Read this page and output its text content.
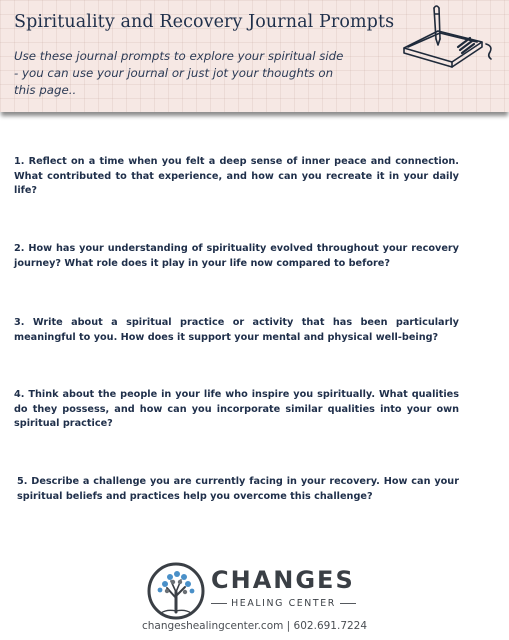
Spirituality and Recovery Journal Prompts

Use these journal prompts to explore your spiritual side - you can use your journal or just jot your thoughts on this page..

1. Reflect on a time when you felt a deep sense of inner peace and connection. What contributed to that experience, and how can you recreate it in your daily life?

2. How has your understanding of spirituality evolved throughout your recovery journey? What role does it play in your life now compared to before?

3. Write about a spiritual practice or activity that has been particularly meaningful to you. How does it support your mental and physical well-being?

4. Think about the people in your life who inspire you spiritually. What qualities do they possess, and how can you incorporate similar qualities into your own spiritual practice?

5. Describe a challenge you are currently facing in your recovery. How can your spiritual beliefs and practices help you overcome this challenge?

CHANGES
HEALING CENTER

changeshealingcenter.com | 602.691.7224
